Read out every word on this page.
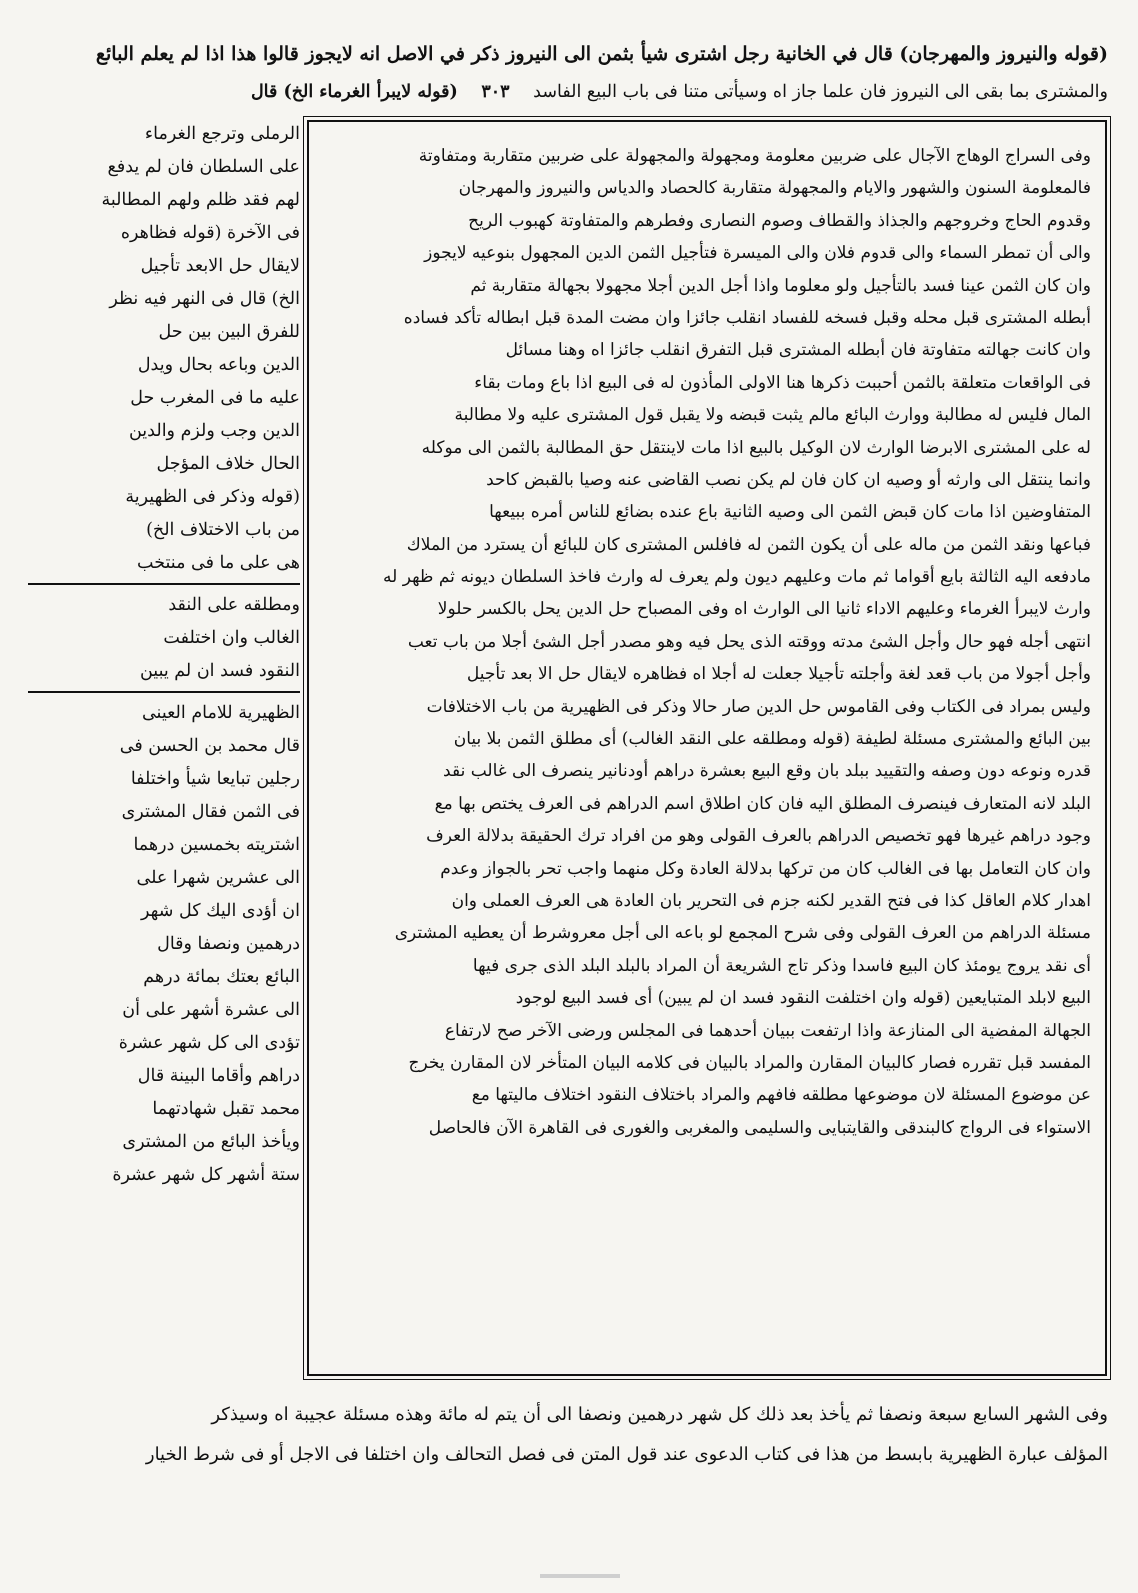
(قوله والنيروز والمهرجان) قال في الخانية رجل اشترى شيأ بثمن الى النيروز ذكر في الاصل انه لايجوز قالوا هذا اذا لم يعلم البائع
والمشترى بما بقى الى النيروز فان علما جاز اه وسيأتى متنا فى باب البيع الفاسد ٣٠٣ (قوله لايبرأ الغرماء الخ) قال
وفى السراج الوهاج الآجال على ضربين معلومة ومجهولة والمجهولة على ضربين متقاربة ومتفاوتة
فالمعلومة السنون والشهور والايام والمجهولة متقاربة كالحصاد والدياس والنيروز والمهرجان
وقدوم الحاج وخروجهم والجذاذ والقطاف وصوم النصارى وفطرهم والمتفاوتة كهبوب الريح
والى أن تمطر السماء والى قدوم فلان والى الميسرة فتأجيل الثمن الدين المجهول بنوعيه لايجوز
وان كان الثمن عينا فسد بالتأجيل ولو معلوما واذا أجل الدين أجلا مجهولا بجهالة متقاربة ثم
أبطله المشترى قبل محله وقبل فسخه للفساد انقلب جائزا وان مضت المدة قبل ابطاله تأكد فساده
وان كانت جهالته متفاوتة فان أبطله المشترى قبل التفرق انقلب جائزا اه وهنا مسائل
فى الواقعات متعلقة بالثمن أحببت ذكرها هنا الاولى المأذون له فى البيع اذا باع ومات بقاء
المال فليس له مطالبة ووارث البائع مالم يثبت قبضه ولا يقبل قول المشترى عليه ولا مطالبة
له على المشترى الابرضا الوارث لان الوكيل بالبيع اذا مات لاينتقل حق المطالبة بالثمن الى موكله
وانما ينتقل الى وارثه أو وصيه ان كان فان لم يكن نصب القاضى عنه وصيا بالقبض كاحد
المتفاوضين اذا مات كان قبض الثمن الى وصيه الثانية باع عنده بضائع للناس أمره ببيعها
فباعها ونقد الثمن من ماله على أن يكون الثمن له فافلس المشترى كان للبائع أن يسترد من الملاك
مادفعه اليه الثالثة بايع أقواما ثم مات وعليهم ديون ولم يعرف له وارث فاخذ السلطان ديونه ثم ظهر له
وارث لايبرأ الغرماء وعليهم الاداء ثانيا الى الوارث اه وفى المصباح حل الدين يحل بالكسر حلولا
انتهى أجله فهو حال وأجل الشئ مدته ووقته الذى يحل فيه وهو مصدر أجل الشئ أجلا من باب تعب
وأجل أجولا من باب قعد لغة وأجلته تأجيلا جعلت له أجلا اه فظاهره لايقال حل الا بعد تأجيل
وليس بمراد فى الكتاب وفى القاموس حل الدين صار حالا وذكر فى الظهيرية من باب الاختلافات
بين البائع والمشترى مسئلة لطيفة (قوله ومطلقه على النقد الغالب) أى مطلق الثمن بلا بيان
قدره ونوعه دون وصفه والتقييد ببلد بان وقع البيع بعشرة دراهم أودنانير ينصرف الى غالب نقد
البلد لانه المتعارف فينصرف المطلق اليه فان كان اطلاق اسم الدراهم فى العرف يختص بها مع
وجود دراهم غيرها فهو تخصيص الدراهم بالعرف القولى وهو من افراد ترك الحقيقة بدلالة العرف
وان كان التعامل بها فى الغالب كان من تركها بدلالة العادة وكل منهما واجب تحر بالجواز وعدم
اهدار كلام العاقل كذا فى فتح القدير لكنه جزم فى التحرير بان العادة هى العرف العملى وان
مسئلة الدراهم من العرف القولى وفى شرح المجمع لو باعه الى أجل معروشرط أن يعطيه المشترى
أى نقد يروج يومئذ كان البيع فاسدا وذكر تاج الشريعة أن المراد بالبلد البلد الذى جرى فيها
البيع لابلد المتبايعين (قوله وان اختلفت النقود فسد ان لم يبين) أى فسد البيع لوجود
الجهالة المفضية الى المنازعة واذا ارتفعت ببيان أحدهما فى المجلس ورضى الآخر صح لارتفاع
المفسد قبل تقرره فصار كالبيان المقارن والمراد بالبيان فى كلامه البيان المتأخر لان المقارن يخرج
عن موضوع المسئلة لان موضوعها مطلقه فافهم والمراد باختلاف النقود اختلاف ماليتها مع
الاستواء فى الرواج كالبندقى والقايتبايى والسليمى والمغربى والغورى فى القاهرة الآن فالحاصل
الرملى وترجع الغرماء
على السلطان فان لم يدفع
لهم فقد ظلم ولهم المطالبة
فى الآخرة (قوله فظاهره
لايقال حل الابعد تأجيل
الخ) قال فى النهر فيه نظر
للفرق البين بين حل
الدين وباعه بحال ويدل
عليه ما فى المغرب حل
الدين وجب ولزم والدين
الحال خلاف المؤجل
(قوله وذكر فى الظهيرية
من باب الاختلاف الخ)
هى على ما فى منتخب
ومطلقه على النقد
الغالب وان اختلفت
النقود فسد ان لم يبين
الظهيرية للامام العينى
قال محمد بن الحسن فى
رجلين تبايعا شيأ واختلفا
فى الثمن فقال المشترى
اشتريته بخمسين درهما
الى عشرين شهرا على
ان أؤدى اليك كل شهر
درهمين ونصفا وقال
البائع بعتك بمائة درهم
الى عشرة أشهر على أن
تؤدى الى كل شهر عشرة
دراهم وأقاما البينة قال
محمد تقبل شهادتهما
ويأخذ البائع من المشترى
ستة أشهر كل شهر عشرة
وفى الشهر السابع سبعة ونصفا ثم يأخذ بعد ذلك كل شهر درهمين ونصفا الى أن يتم له مائة وهذه مسئلة عجيبة اه وسيذكر
المؤلف عبارة الظهيرية بابسط من هذا فى كتاب الدعوى عند قول المتن فى فصل التحالف وان اختلفا فى الاجل أو فى شرط الخيار
